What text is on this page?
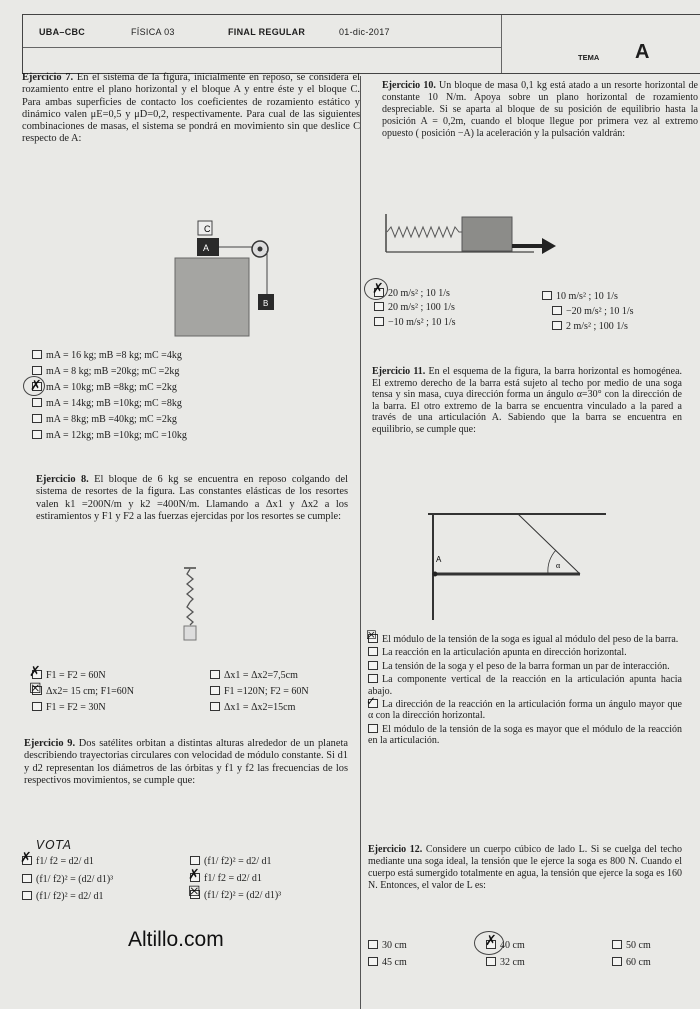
UBA–CBC	FÍSICA 03	FINAL REGULAR	01-dic-2017
TEMA A

Ejercicio 7. En el sistema de la figura, inicialmente en reposo, se considera el rozamiento entre el plano horizontal y el bloque A y entre éste y el bloque C. Para ambas superficies de contacto los coeficientes de rozamiento estático y dinámico valen μE=0,5 y μD=0,2, respectivamente. Para cual de las siguientes combinaciones de masas, el sistema se pondrá en movimiento sin que deslice C respecto de A:

C
A
B
mA = 16 kg; mB =8 kg; mC =4kg
mA = 8 kg; mB =20kg; mC =2kg
mA = 10kg; mB =8kg; mC =2kg
mA = 14kg; mB =10kg; mC =8kg
mA = 8kg; mB =40kg; mC =2kg
mA = 12kg; mB =10kg; mC =10kg
✗

Ejercicio 8. El bloque de 6 kg se encuentra en reposo colgando del sistema de resortes de la figura. Las constantes elásticas de los resortes valen k1 =200N/m y k2 =400N/m. Llamando a Δx1 y Δx2 a los estiramientos y F1 y F2 a las fuerzas ejercidas por los resortes se cumple:

F1 = F2 = 60N	Δx1 = Δx2=7,5cm
Δx2= 15 cm; F1=60N	F1 =120N; F2 = 60N
F1 = F2 = 30N	Δx1 = Δx2=15cm
✗
☒

Ejercicio 9. Dos satélites orbitan a distintas alturas alrededor de un planeta describiendo trayectorias circulares con velocidad de módulo constante. Si d1 y d2 representan los diámetros de las órbitas y f1 y f2 las frecuencias de los respectivos movimientos, se cumple que:

VOTA
f1/ f2 = d2/ d1	(f1/ f2)² = d2/ d1
(f1/ f2)² = (d2/ d1)³	f1/ f2 = d2/ d1
(f1/ f2)² = d2/ d1	(f1/ f2)² = (d2/ d1)³
✗
✗
☒
Altillo.com

Ejercicio 10. Un bloque de masa 0,1 kg está atado a un resorte horizontal de constante 10 N/m. Apoya sobre un plano horizontal de rozamiento despreciable. Si se aparta al bloque de su posición de equilibrio hasta la posición A = 0,2m, cuando el bloque llegue por primera vez al extremo opuesto ( posición −A) la aceleración y la pulsación valdrán:

20 m/s² ; 10 1/s	10 m/s² ; 10 1/s
20 m/s² ; 100 1/s	−20 m/s² ; 10 1/s
−10 m/s² ; 10 1/s	2 m/s² ; 100 1/s
✗

Ejercicio 11. En el esquema de la figura, la barra horizontal es homogénea. El extremo derecho de la barra está sujeto al techo por medio de una soga tensa y sin masa, cuya dirección forma un ángulo α=30° con la dirección de la barra. El otro extremo de la barra se encuentra vinculado a la pared a través de una articulación A. Sabiendo que la barra se encuentra en equilibrio, se cumple que:

A
α

El módulo de la tensión de la soga es igual al módulo del peso de la barra.

La reacción en la articulación apunta en dirección horizontal.

La tensión de la soga y el peso de la barra forman un par de interacción.

La componente vertical de la reacción en la articulación apunta hacia abajo.

La dirección de la reacción en la articulación forma un ángulo mayor que α con la dirección horizontal.

El módulo de la tensión de la soga es mayor que el módulo de la reacción en la articulación.

☒
✓

Ejercicio 12. Considere un cuerpo cúbico de lado L. Si se cuelga del techo mediante una soga ideal, la tensión que le ejerce la soga es 800 N. Cuando el cuerpo está sumergido totalmente en agua, la tensión que ejerce la soga es 160 N. Entonces, el valor de L es:

30 cm	40 cm	50 cm
45 cm	32 cm	60 cm
✗
